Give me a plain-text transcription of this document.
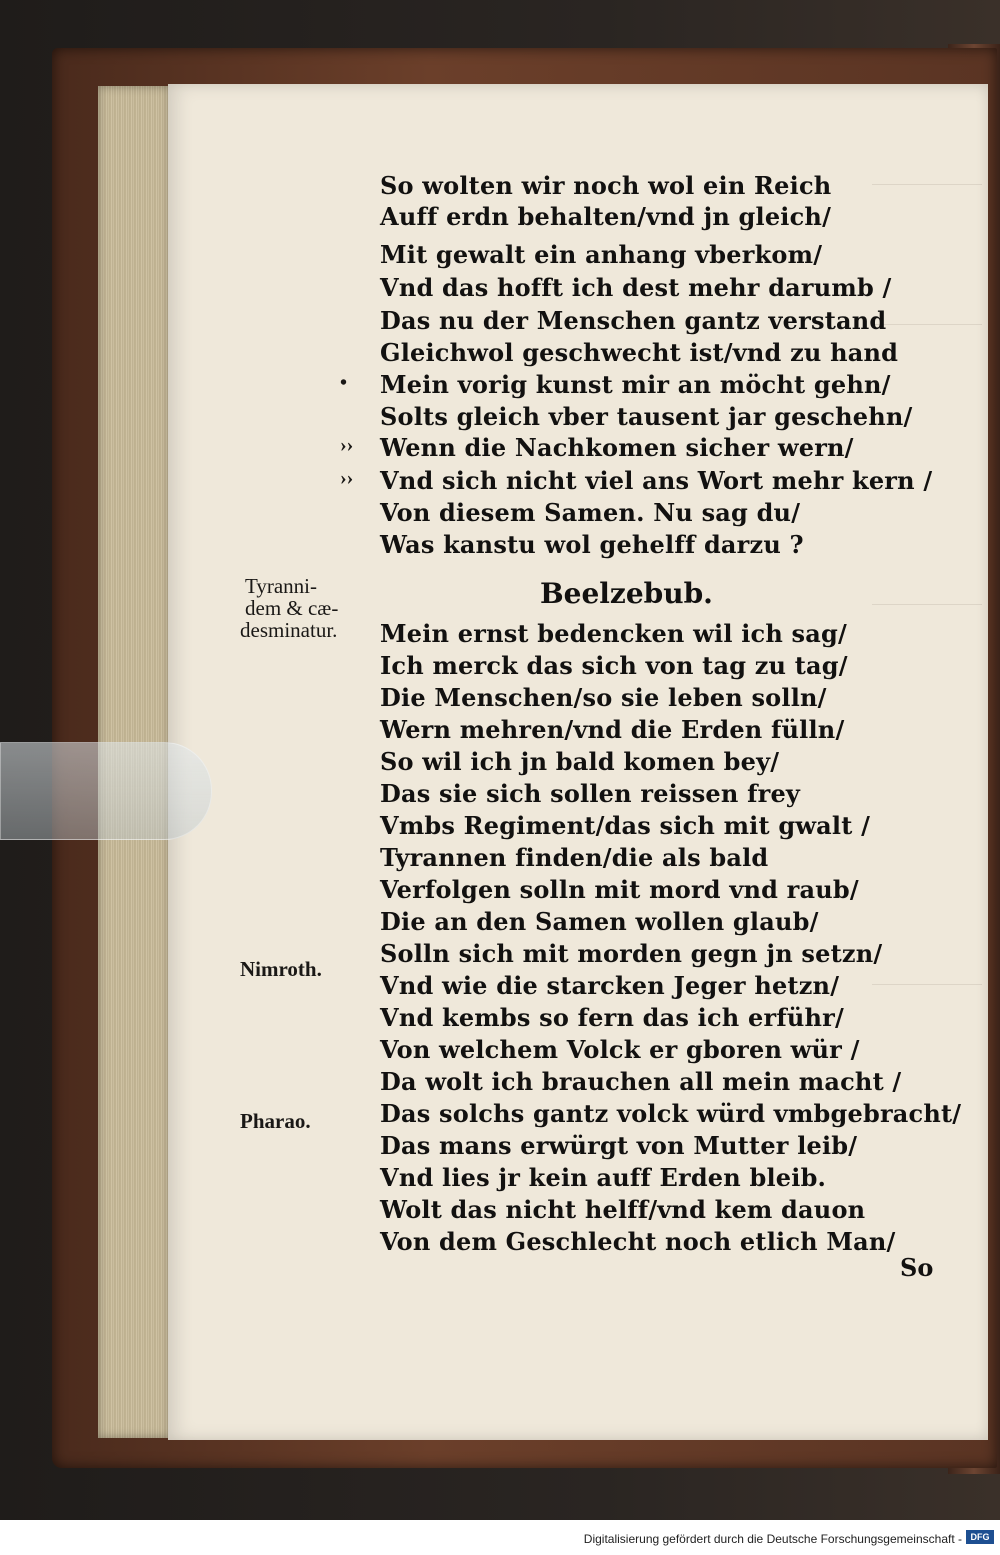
So wolten wir noch wol ein Reich
Auff erdn behalten/vnd jn gleich/
Mit gewalt ein anhang vberkom/
Vnd das hofft ich dest mehr darumb /
Das nu der Menschen gantz verstand
Gleichwol geschwecht ist/vnd zu hand
Mein vorig kunst mir an möcht gehn/
Solts gleich vber tausent jar geschehn/
Wenn die Nachkomen sicher wern/
Vnd sich nicht viel ans Wort mehr kern /
Von diesem Samen. Nu sag du/
Was kanstu wol gehelff darzu ?
•
››
››
Beelzebub.
Tyranni-
dem & cæ-
desminatur.
Nimroth.
Pharao.
Mein ernst bedencken wil ich sag/
Ich merck das sich von tag zu tag/
Die Menschen/so sie leben solln/
Wern mehren/vnd die Erden fülln/
So wil ich jn bald komen bey/
Das sie sich sollen reissen frey
Vmbs Regiment/das sich mit gwalt /
Tyrannen finden/die als bald
Verfolgen solln mit mord vnd raub/
Die an den Samen wollen glaub/
Solln sich mit morden gegn jn setzn/
Vnd wie die starcken Jeger hetzn/
Vnd kembs so fern das ich erführ/
Von welchem Volck er gboren wür /
Da wolt ich brauchen all mein macht /
Das solchs gantz volck würd vmbgebracht/
Das mans erwürgt von Mutter leib/
Vnd lies jr kein auff Erden bleib.
Wolt das nicht helff/vnd kem dauon
Von dem Geschlecht noch etlich Man/
So
Digitalisierung gefördert durch die Deutsche Forschungsgemeinschaft - DFG
